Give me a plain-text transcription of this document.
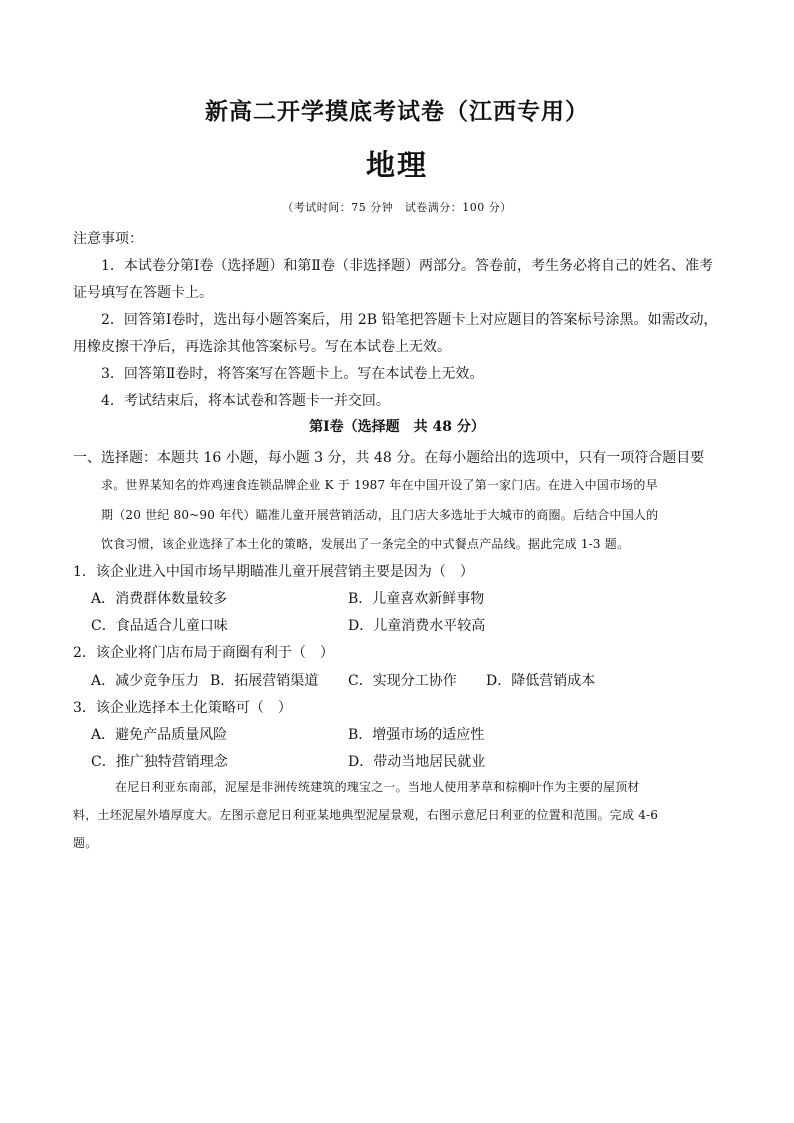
新高二开学摸底考试卷（江西专用）
地理
（考试时间：75 分钟　试卷满分：100 分）
注意事项：
1．本试卷分第Ⅰ卷（选择题）和第Ⅱ卷（非选择题）两部分。答卷前，考生务必将自己的姓名、准考
证号填写在答题卡上。
2．回答第Ⅰ卷时，选出每小题答案后，用 2B 铅笔把答题卡上对应题目的答案标号涂黑。如需改动，
用橡皮擦干净后，再选涂其他答案标号。写在本试卷上无效。
3．回答第Ⅱ卷时，将答案写在答题卡上。写在本试卷上无效。
4．考试结束后，将本试卷和答题卡一并交回。
第Ⅰ卷（选择题　共 48 分）
一、选择题：本题共 16 小题，每小题 3 分，共 48 分。在每小题给出的选项中，只有一项符合题目要
求。世界某知名的炸鸡速食连锁品牌企业 K 于 1987 年在中国开设了第一家门店。在进入中国市场的早
期（20 世纪 80~90 年代）瞄准儿童开展营销活动，且门店大多选址于大城市的商圈。后结合中国人的
饮食习惯，该企业选择了本土化的策略，发展出了一条完全的中式餐点产品线。据此完成 1-3 题。
1．该企业进入中国市场早期瞄准儿童开展营销主要是因为（　）
A．消费群体数量较多	B．儿童喜欢新鲜事物
C．食品适合儿童口味	D．儿童消费水平较高
2．该企业将门店布局于商圈有利于（　）
A．减少竞争压力 B．拓展营销渠道 C．实现分工协作 D．降低营销成本
3．该企业选择本土化策略可（　）
A．避免产品质量风险	B．增强市场的适应性
C．推广独特营销理念	D．带动当地居民就业
在尼日利亚东南部，泥屋是非洲传统建筑的瑰宝之一。当地人使用茅草和棕榈叶作为主要的屋顶材
料，土坯泥屋外墙厚度大。左图示意尼日利亚某地典型泥屋景观，右图示意尼日利亚的位置和范围。完成 4-6
题。
